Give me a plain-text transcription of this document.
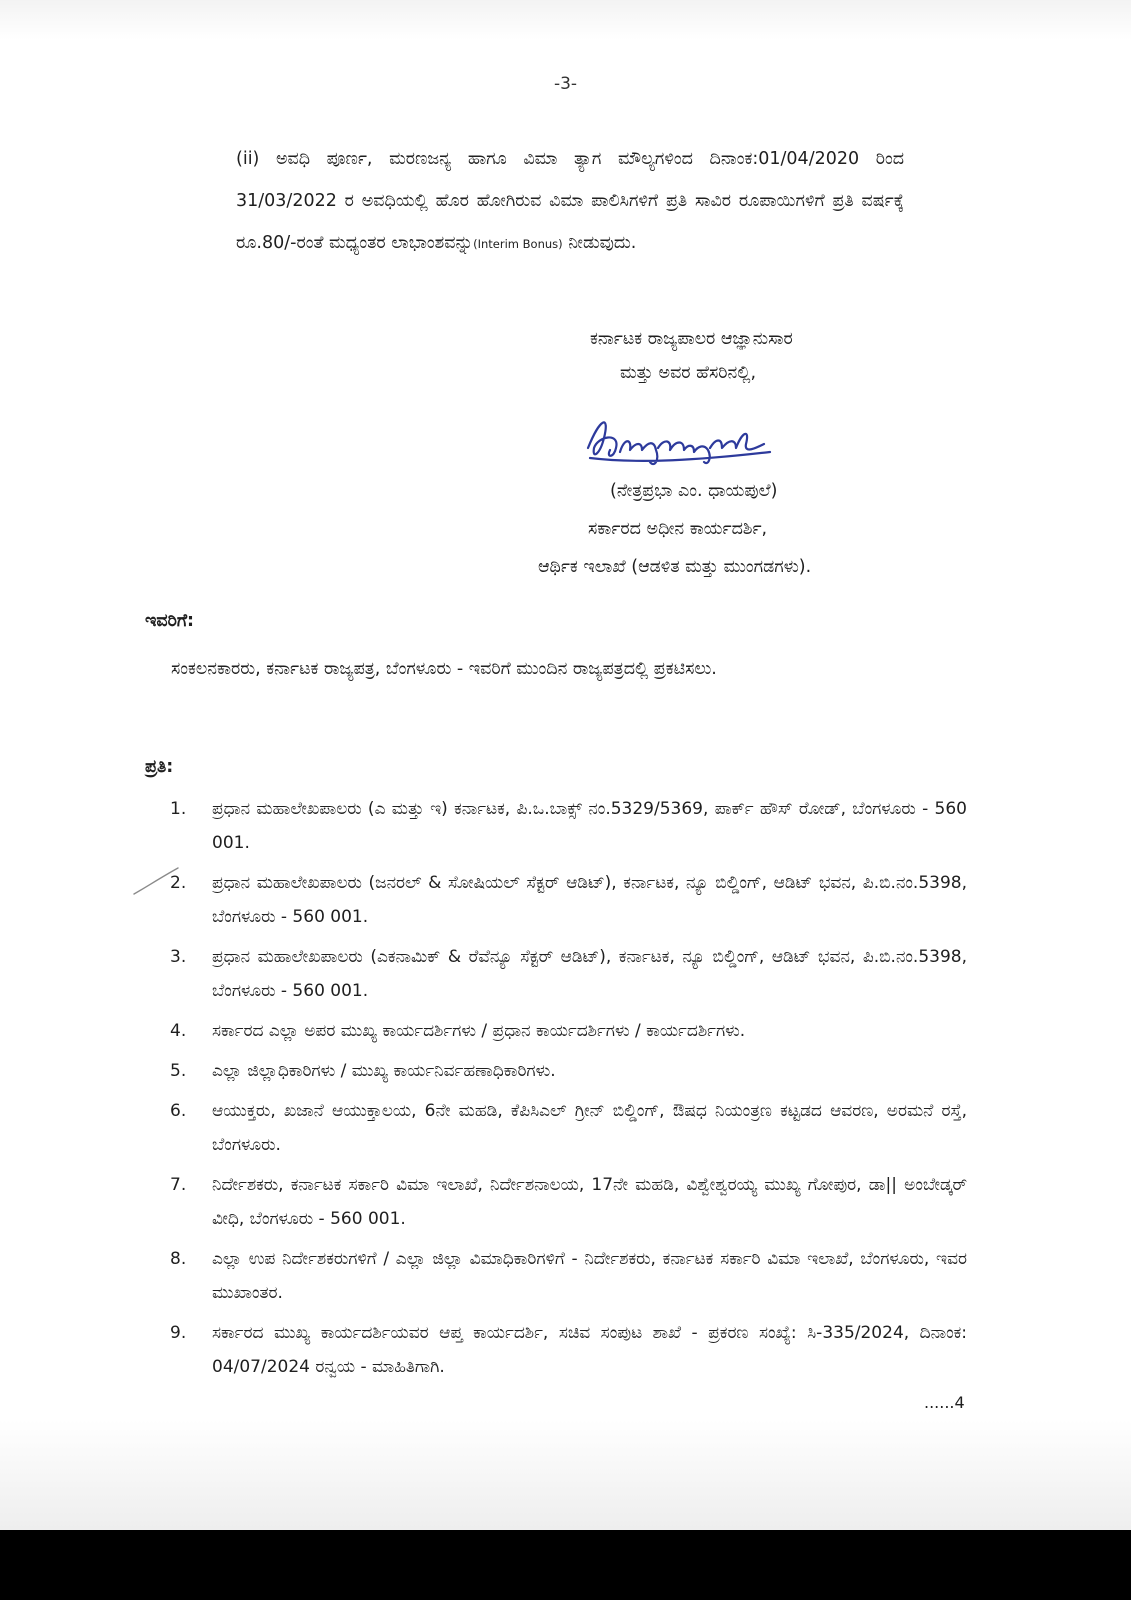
-3-

(ii) ಅವಧಿ ಪೂರ್ಣ, ಮರಣಜನ್ಯ ಹಾಗೂ ವಿಮಾ ತ್ಯಾಗ ಮೌಲ್ಯಗಳಿಂದ ದಿನಾಂಕ:01/04/2020 ರಿಂದ 31/03/2022 ರ ಅವಧಿಯಲ್ಲಿ ಹೊರ ಹೋಗಿರುವ ವಿಮಾ ಪಾಲಿಸಿಗಳಿಗೆ ಪ್ರತಿ ಸಾವಿರ ರೂಪಾಯಿಗಳಿಗೆ ಪ್ರತಿ ವರ್ಷಕ್ಕೆ ರೂ.80/-ರಂತೆ ಮಧ್ಯಂತರ ಲಾಭಾಂಶವನ್ನು(Interim Bonus) ನೀಡುವುದು.

ಕರ್ನಾಟಕ ರಾಜ್ಯಪಾಲರ ಆಜ್ಞಾನುಸಾರ
ಮತ್ತು ಅವರ ಹೆಸರಿನಲ್ಲಿ,
(ನೇತ್ರಪ್ರಭಾ ಎಂ. ಧಾಯಪುಲೆ)
ಸರ್ಕಾರದ ಅಧೀನ ಕಾರ್ಯದರ್ಶಿ,
ಆರ್ಥಿಕ ಇಲಾಖೆ (ಆಡಳಿತ ಮತ್ತು ಮುಂಗಡಗಳು).
ಇವರಿಗೆ:

ಸಂಕಲನಕಾರರು, ಕರ್ನಾಟಕ ರಾಜ್ಯಪತ್ರ, ಬೆಂಗಳೂರು - ಇವರಿಗೆ ಮುಂದಿನ ರಾಜ್ಯಪತ್ರದಲ್ಲಿ ಪ್ರಕಟಿಸಲು.

ಪ್ರತಿ:
1.	ಪ್ರಧಾನ ಮಹಾಲೇಖಪಾಲರು (ಎ ಮತ್ತು ಇ) ಕರ್ನಾಟಕ, ಪಿ.ಒ.ಬಾಕ್ಸ್ ನಂ.5329/5369, ಪಾರ್ಕ್ ಹೌಸ್ ರೋಡ್, ಬೆಂಗಳೂರು - 560 001.
2.	ಪ್ರಧಾನ ಮಹಾಲೇಖಪಾಲರು (ಜನರಲ್ & ಸೋಷಿಯಲ್ ಸೆಕ್ಟರ್ ಆಡಿಟ್), ಕರ್ನಾಟಕ, ನ್ಯೂ ಬಿಲ್ಡಿಂಗ್, ಆಡಿಟ್ ಭವನ, ಪಿ.ಬಿ.ನಂ.5398, ಬೆಂಗಳೂರು - 560 001.
3.	ಪ್ರಧಾನ ಮಹಾಲೇಖಪಾಲರು (ಎಕನಾಮಿಕ್ & ರೆವೆನ್ಯೂ ಸೆಕ್ಟರ್ ಆಡಿಟ್), ಕರ್ನಾಟಕ, ನ್ಯೂ ಬಿಲ್ಡಿಂಗ್, ಆಡಿಟ್ ಭವನ, ಪಿ.ಬಿ.ನಂ.5398, ಬೆಂಗಳೂರು - 560 001.
4.	ಸರ್ಕಾರದ ಎಲ್ಲಾ ಅಪರ ಮುಖ್ಯ ಕಾರ್ಯದರ್ಶಿಗಳು / ಪ್ರಧಾನ ಕಾರ್ಯದರ್ಶಿಗಳು / ಕಾರ್ಯದರ್ಶಿಗಳು.
5.	ಎಲ್ಲಾ ಜಿಲ್ಲಾಧಿಕಾರಿಗಳು / ಮುಖ್ಯ ಕಾರ್ಯನಿರ್ವಹಣಾಧಿಕಾರಿಗಳು.
6.	ಆಯುಕ್ತರು, ಖಜಾನೆ ಆಯುಕ್ತಾಲಯ, 6ನೇ ಮಹಡಿ, ಕೆಪಿಸಿಎಲ್ ಗ್ರೀನ್ ಬಿಲ್ಡಿಂಗ್, ಔಷಧ ನಿಯಂತ್ರಣ ಕಟ್ಟಡದ ಆವರಣ, ಅರಮನೆ ರಸ್ತೆ, ಬೆಂಗಳೂರು.
7.	ನಿರ್ದೇಶಕರು, ಕರ್ನಾಟಕ ಸರ್ಕಾರಿ ವಿಮಾ ಇಲಾಖೆ, ನಿರ್ದೇಶನಾಲಯ, 17ನೇ ಮಹಡಿ, ವಿಶ್ವೇಶ್ವರಯ್ಯ ಮುಖ್ಯ ಗೋಪುರ, ಡಾ|| ಅಂಬೇಡ್ಕರ್ ವೀಧಿ, ಬೆಂಗಳೂರು - 560 001.
8.	ಎಲ್ಲಾ ಉಪ ನಿರ್ದೇಶಕರುಗಳಿಗೆ / ಎಲ್ಲಾ ಜಿಲ್ಲಾ ವಿಮಾಧಿಕಾರಿಗಳಿಗೆ - ನಿರ್ದೇಶಕರು, ಕರ್ನಾಟಕ ಸರ್ಕಾರಿ ವಿಮಾ ಇಲಾಖೆ, ಬೆಂಗಳೂರು, ಇವರ ಮುಖಾಂತರ.
9.	ಸರ್ಕಾರದ ಮುಖ್ಯ ಕಾರ್ಯದರ್ಶಿಯವರ ಆಪ್ತ ಕಾರ್ಯದರ್ಶಿ, ಸಚಿವ ಸಂಪುಟ ಶಾಖೆ - ಪ್ರಕರಣ ಸಂಖ್ಯೆ: ಸಿ-335/2024, ದಿನಾಂಕ: 04/07/2024 ರನ್ವಯ - ಮಾಹಿತಿಗಾಗಿ.
......4
